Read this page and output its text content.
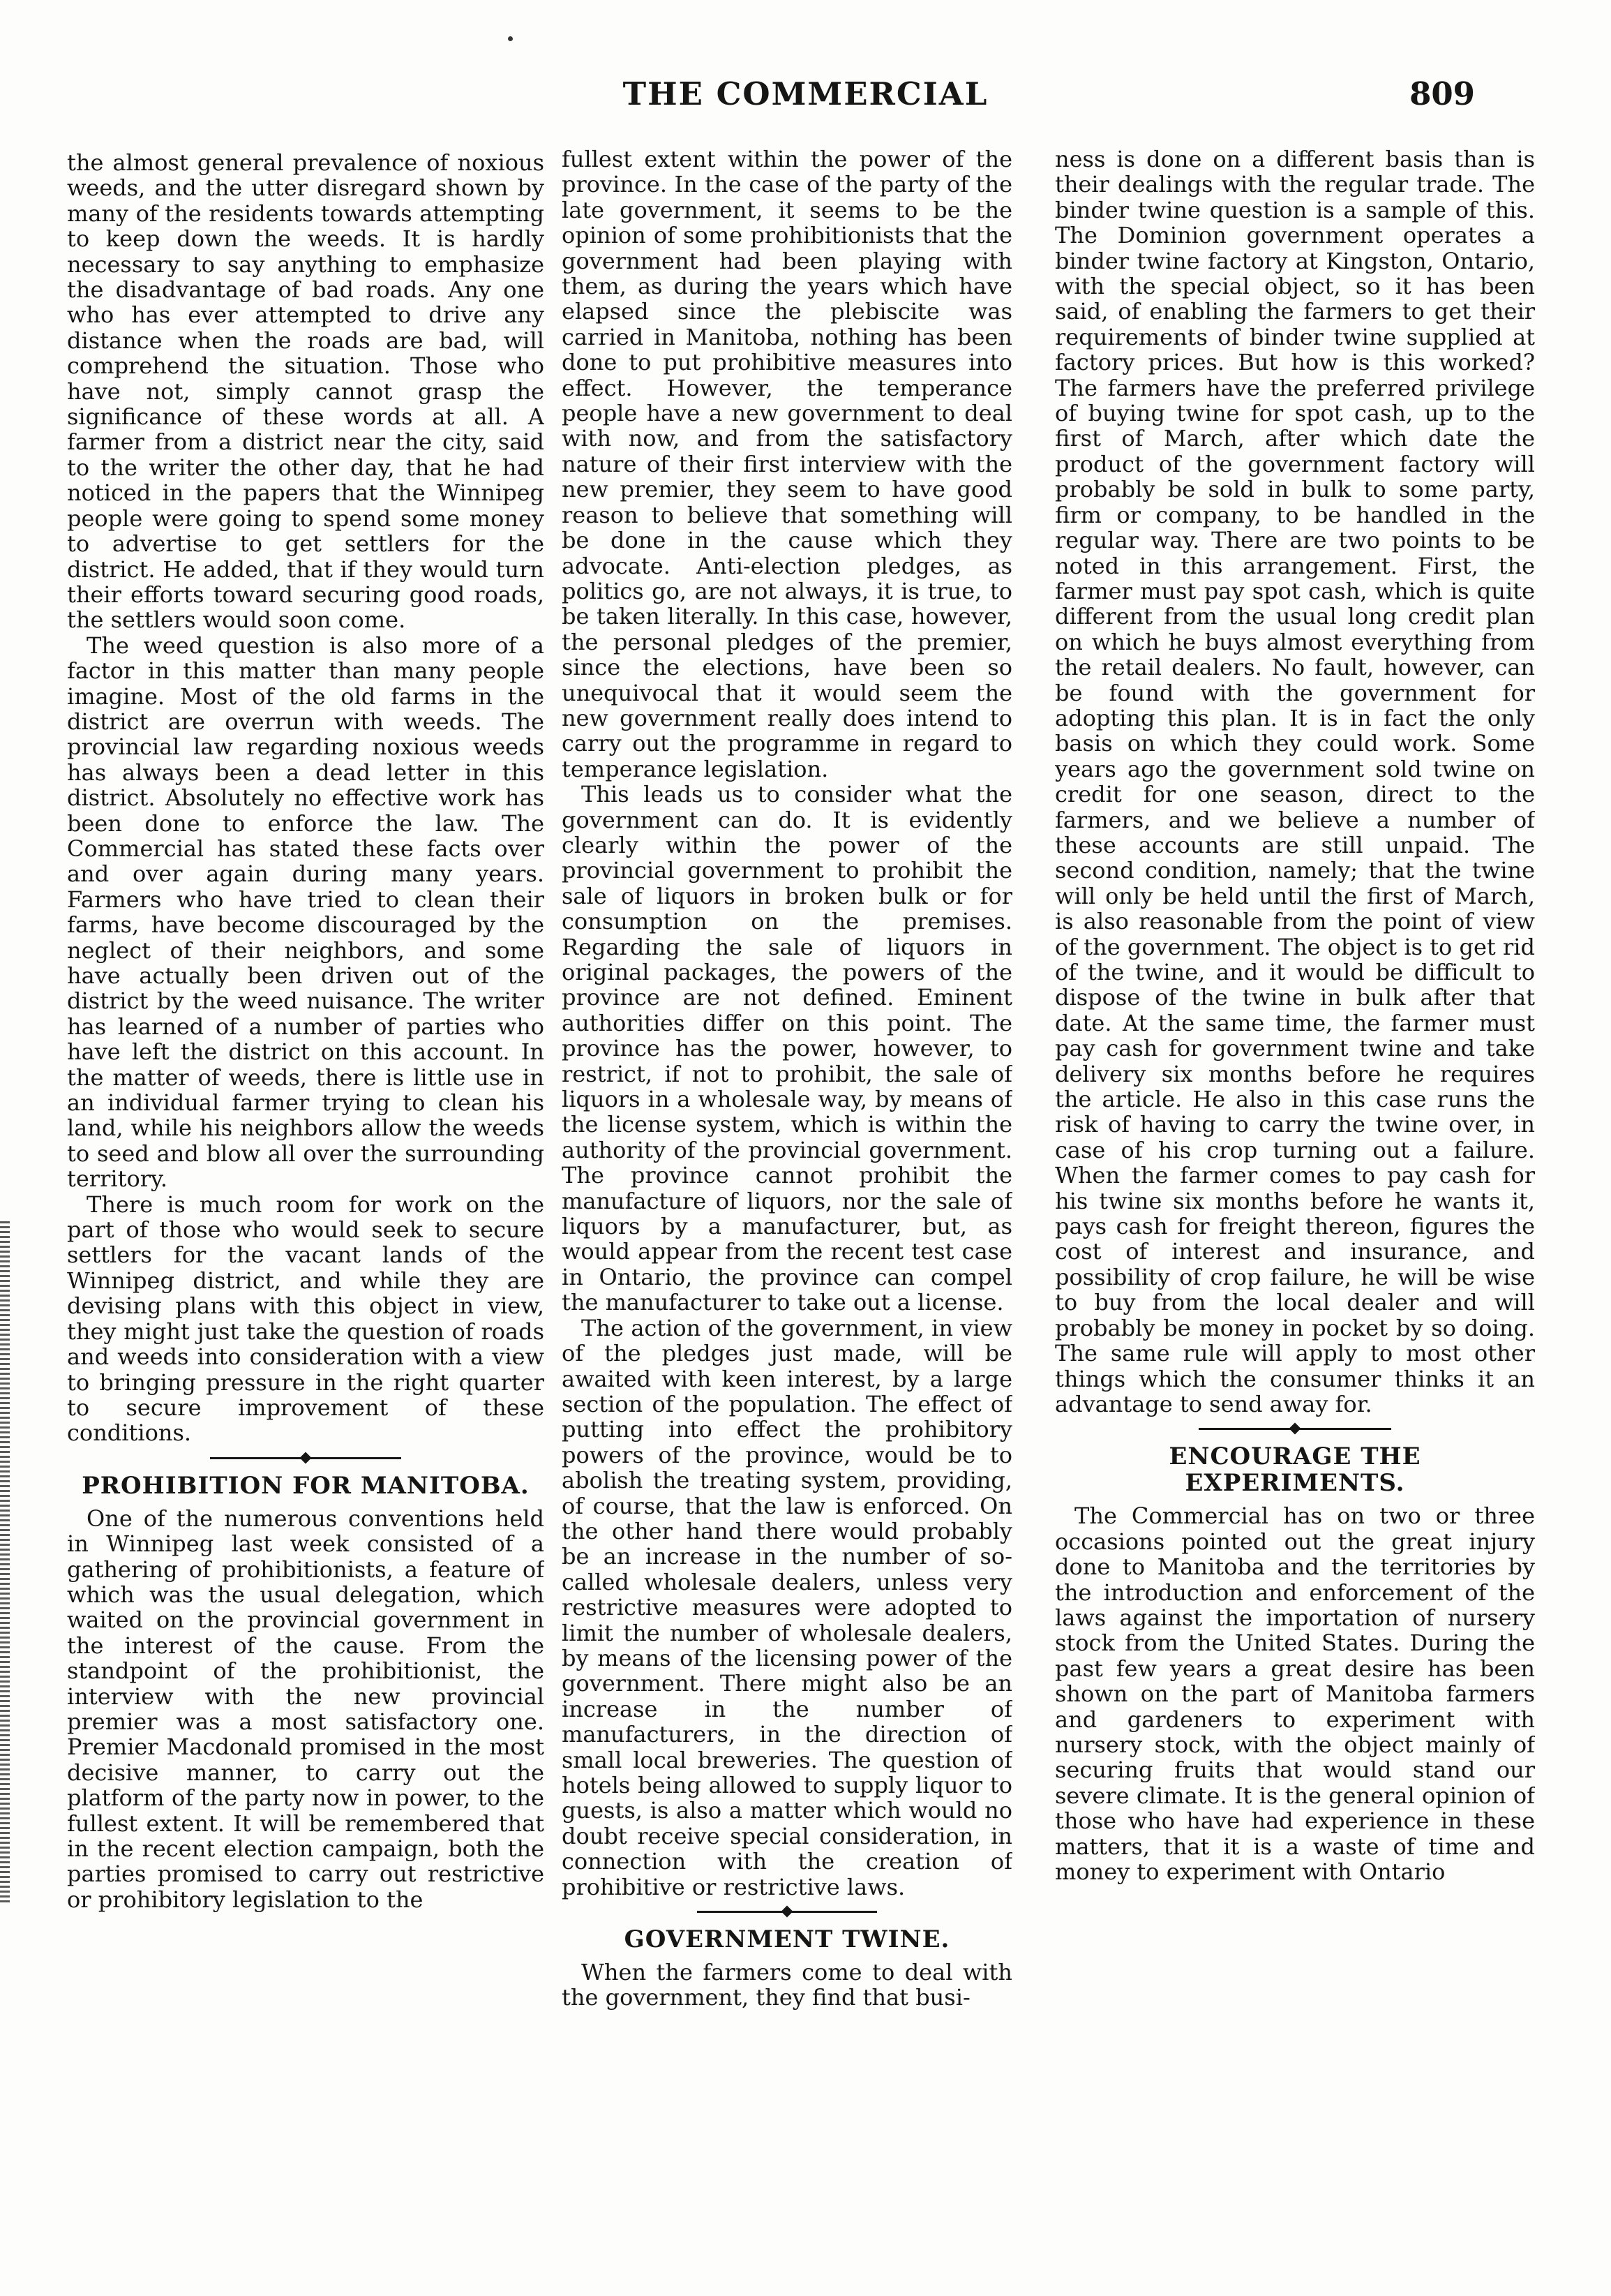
THE COMMERCIAL	809

the almost general prevalence of noxious weeds, and the utter disregard shown by many of the residents towards attempting to keep down the weeds. It is hardly necessary to say anything to emphasize the disadvantage of bad roads. Any one who has ever attempted to drive any distance when the roads are bad, will comprehend the situation. Those who have not, simply cannot grasp the significance of these words at all. A farmer from a district near the city, said to the writer the other day, that he had noticed in the papers that the Winnipeg people were going to spend some money to advertise to get settlers for the district. He added, that if they would turn their efforts toward securing good roads, the settlers would soon come.

The weed question is also more of a factor in this matter than many people imagine. Most of the old farms in the district are overrun with weeds. The provincial law regarding noxious weeds has always been a dead letter in this district. Absolutely no effective work has been done to enforce the law. The Commercial has stated these facts over and over again during many years. Farmers who have tried to clean their farms, have become discouraged by the neglect of their neighbors, and some have actually been driven out of the district by the weed nuisance. The writer has learned of a number of parties who have left the district on this account. In the matter of weeds, there is little use in an individual farmer trying to clean his land, while his neighbors allow the weeds to seed and blow all over the surrounding territory.

There is much room for work on the part of those who would seek to secure settlers for the vacant lands of the Winnipeg district, and while they are devising plans with this object in view, they might just take the question of roads and weeds into consideration with a view to bringing pressure in the right quarter to secure improvement of these conditions.

PROHIBITION FOR MANITOBA.

One of the numerous conventions held in Winnipeg last week consisted of a gathering of prohibitionists, a feature of which was the usual delegation, which waited on the provincial government in the interest of the cause. From the standpoint of the prohibitionist, the interview with the new provincial premier was a most satisfactory one. Premier Macdonald promised in the most decisive manner, to carry out the platform of the party now in power, to the fullest extent. It will be remembered that in the recent election campaign, both the parties promised to carry out restrictive or prohibitory legislation to the

fullest extent within the power of the province. In the case of the party of the late government, it seems to be the opinion of some prohibitionists that the government had been playing with them, as during the years which have elapsed since the plebiscite was carried in Manitoba, nothing has been done to put prohibitive measures into effect. However, the temperance people have a new government to deal with now, and from the satisfactory nature of their first interview with the new premier, they seem to have good reason to believe that something will be done in the cause which they advocate. Anti-election pledges, as politics go, are not always, it is true, to be taken literally. In this case, however, the personal pledges of the premier, since the elections, have been so unequivocal that it would seem the new government really does intend to carry out the programme in regard to temperance legislation.

This leads us to consider what the government can do. It is evidently clearly within the power of the provincial government to prohibit the sale of liquors in broken bulk or for consumption on the premises. Regarding the sale of liquors in original packages, the powers of the province are not defined. Eminent authorities differ on this point. The province has the power, however, to restrict, if not to prohibit, the sale of liquors in a wholesale way, by means of the license system, which is within the authority of the provincial government. The province cannot prohibit the manufacture of liquors, nor the sale of liquors by a manufacturer, but, as would appear from the recent test case in Ontario, the province can compel the manufacturer to take out a license.

The action of the government, in view of the pledges just made, will be awaited with keen interest, by a large section of the population. The effect of putting into effect the prohibitory powers of the province, would be to abolish the treating system, providing, of course, that the law is enforced. On the other hand there would probably be an increase in the number of so-called wholesale dealers, unless very restrictive measures were adopted to limit the number of wholesale dealers, by means of the licensing power of the government. There might also be an increase in the number of manufacturers, in the direction of small local breweries. The question of hotels being allowed to supply liquor to guests, is also a matter which would no doubt receive special consideration, in connection with the creation of prohibitive or restrictive laws.

GOVERNMENT TWINE.

When the farmers come to deal with the government, they find that busi-

ness is done on a different basis than is their dealings with the regular trade. The binder twine question is a sample of this. The Dominion government operates a binder twine factory at Kingston, Ontario, with the special object, so it has been said, of enabling the farmers to get their requirements of binder twine supplied at factory prices. But how is this worked? The farmers have the preferred privilege of buying twine for spot cash, up to the first of March, after which date the product of the government factory will probably be sold in bulk to some party, firm or company, to be handled in the regular way. There are two points to be noted in this arrangement. First, the farmer must pay spot cash, which is quite different from the usual long credit plan on which he buys almost everything from the retail dealers. No fault, however, can be found with the government for adopting this plan. It is in fact the only basis on which they could work. Some years ago the government sold twine on credit for one season, direct to the farmers, and we believe a number of these accounts are still unpaid. The second condition, namely; that the twine will only be held until the first of March, is also reasonable from the point of view of the government. The object is to get rid of the twine, and it would be difficult to dispose of the twine in bulk after that date. At the same time, the farmer must pay cash for government twine and take delivery six months before he requires the article. He also in this case runs the risk of having to carry the twine over, in case of his crop turning out a failure. When the farmer comes to pay cash for his twine six months before he wants it, pays cash for freight thereon, figures the cost of interest and insurance, and possibility of crop failure, he will be wise to buy from the local dealer and will probably be money in pocket by so doing. The same rule will apply to most other things which the consumer thinks it an advantage to send away for.

ENCOURAGE THE EXPERIMENTS.

The Commercial has on two or three occasions pointed out the great injury done to Manitoba and the territories by the introduction and enforcement of the laws against the importation of nursery stock from the United States. During the past few years a great desire has been shown on the part of Manitoba farmers and gardeners to experiment with nursery stock, with the object mainly of securing fruits that would stand our severe climate. It is the general opinion of those who have had experience in these matters, that it is a waste of time and money to experiment with Ontario
